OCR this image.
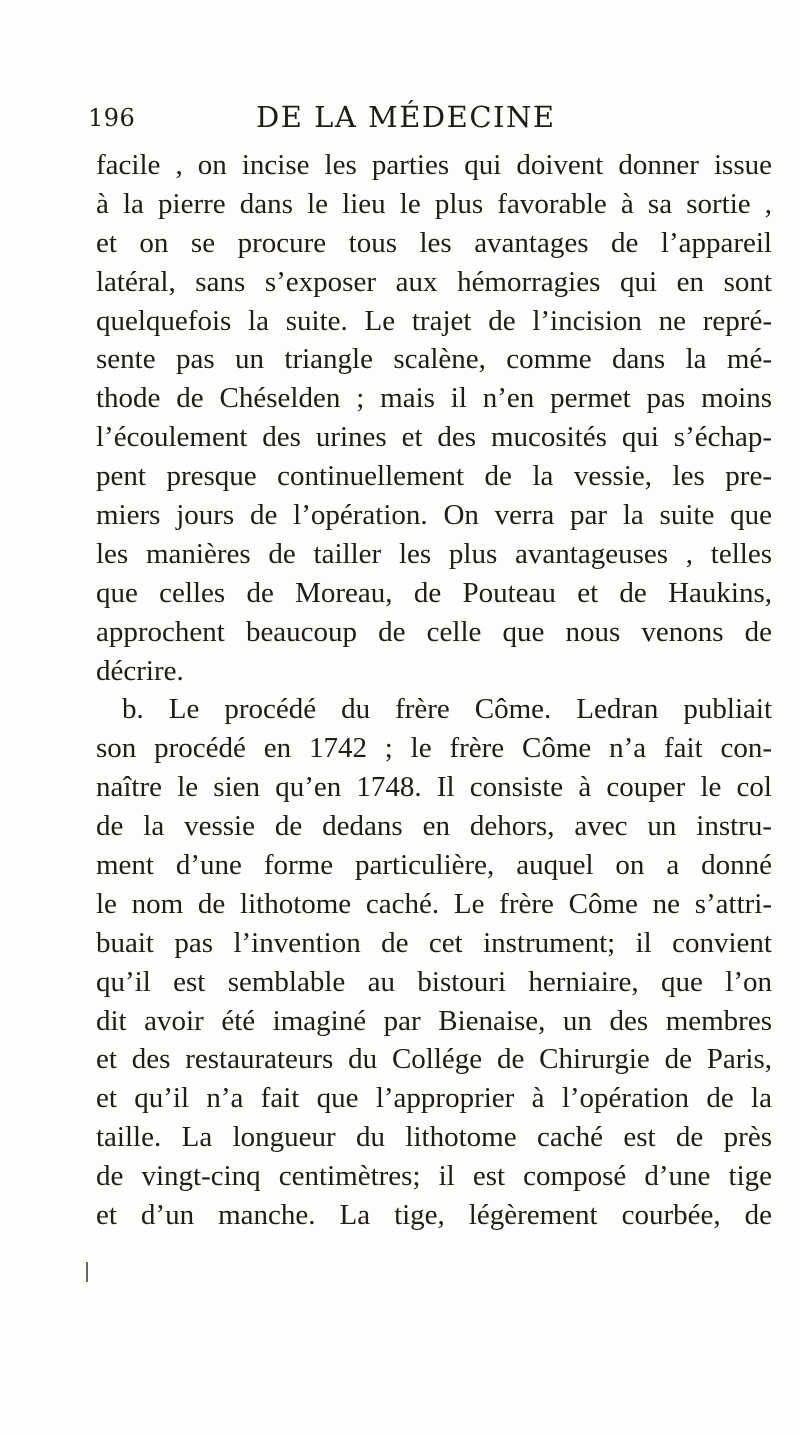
196	DE LA MÉDECINE
facile , on incise les parties qui doivent donner issue
à la pierre dans le lieu le plus favorable à sa sortie ,
et on se procure tous les avantages de l’appareil
latéral, sans s’exposer aux hémorragies qui en sont
quelquefois la suite. Le trajet de l’incision ne repré-
sente pas un triangle scalène, comme dans la mé-
thode de Chéselden ; mais il n’en permet pas moins
l’écoulement des urines et des mucosités qui s’échap-
pent presque continuellement de la vessie, les pre-
miers jours de l’opération. On verra par la suite que
les manières de tailler les plus avantageuses , telles
que celles de Moreau, de Pouteau et de Haukins,
approchent beaucoup de celle que nous venons de
décrire.
b. Le procédé du frère Côme. Ledran publiait
son procédé en 1742 ; le frère Côme n’a fait con-
naître le sien qu’en 1748. Il consiste à couper le col
de la vessie de dedans en dehors, avec un instru-
ment d’une forme particulière, auquel on a donné
le nom de lithotome caché. Le frère Côme ne s’attri-
buait pas l’invention de cet instrument; il convient
qu’il est semblable au bistouri herniaire, que l’on
dit avoir été imaginé par Bienaise, un des membres
et des restaurateurs du Collége de Chirurgie de Paris,
et qu’il n’a fait que l’approprier à l’opération de la
taille. La longueur du lithotome caché est de près
de vingt-cinq centimètres; il est composé d’une tige
et d’un manche. La tige, légèrement courbée, de
